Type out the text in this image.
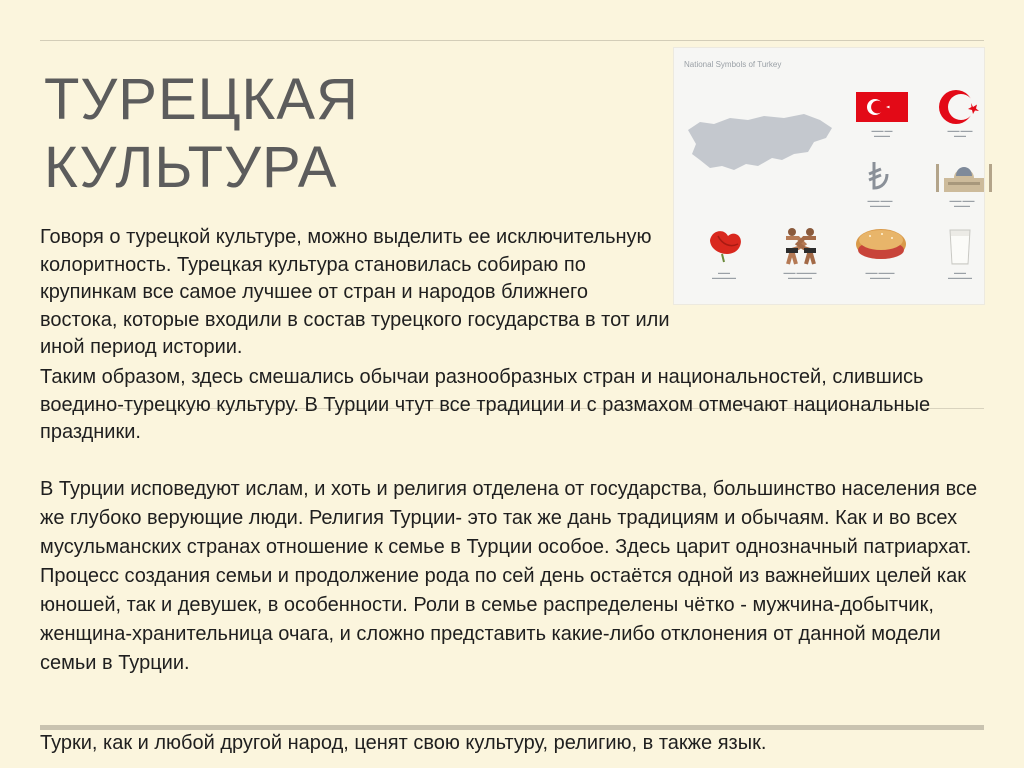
ТУРЕЦКАЯ
КУЛЬТУРА
National Symbols of Turkey
▬▬▬ ▬▬
▬▬▬▬
▬▬▬ ▬▬▬
▬▬▬
▬▬▬ ▬▬▬
▬▬▬▬▬
▬▬▬ ▬▬▬
▬▬▬▬
▬▬▬
▬▬▬▬▬▬
▬▬▬ ▬▬▬▬▬
▬▬▬▬▬▬
▬▬▬ ▬▬▬▬
▬▬▬▬▬
▬▬▬
▬▬▬▬▬▬

Говоря о турецкой культуре, можно выделить ее исключительную колоритность. Турецкая культура становилась собираю по крупинкам все самое лучшее от стран и народов ближнего востока, которые входили в состав турецкого государства в тот или иной период истории.

Таким образом, здесь смешались обычаи разнообразных стран и национальностей, слившись воедино-турецкую культуру. В Турции чтут все традиции и с размахом отмечают национальные праздники.

В Турции исповедуют ислам, и хоть и религия отделена от государства, большинство населения все же глубоко верующие люди. Религия Турции- это так же дань традициям и обычаям. Как и во всех мусульманских странах отношение к семье в Турции особое. Здесь царит однозначный патриархат. Процесс создания семьи и продолжение рода по сей день остаётся одной из важнейших целей как юношей, так и девушек, в особенности. Роли в семье распределены чётко - мужчина-добытчик, женщина-хранительница очага, и сложно представить какие-либо отклонения от данной модели семьи в Турции.

Турки, как и любой другой народ, ценят свою культуру, религию, в также язык.
